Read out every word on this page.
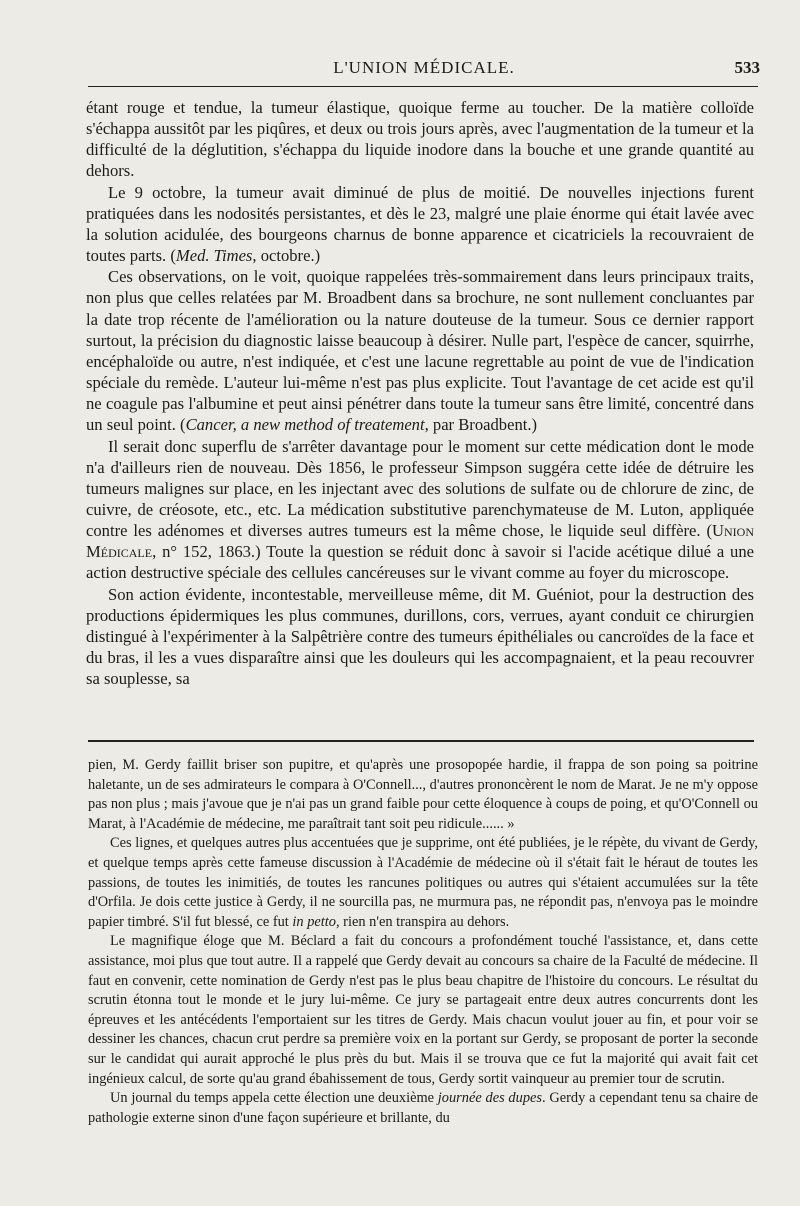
L'UNION MÉDICALE.	533

étant rouge et tendue, la tumeur élastique, quoique ferme au toucher. De la matière colloïde s'échappa aussitôt par les piqûres, et deux ou trois jours après, avec l'augmentation de la tumeur et la difficulté de la déglutition, s'échappa du liquide inodore dans la bouche et une grande quantité au dehors.

Le 9 octobre, la tumeur avait diminué de plus de moitié. De nouvelles injections furent pratiquées dans les nodosités persistantes, et dès le 23, malgré une plaie énorme qui était lavée avec la solution acidulée, des bourgeons charnus de bonne apparence et cicatriciels la recouvraient de toutes parts. (Med. Times, octobre.)

Ces observations, on le voit, quoique rappelées très-sommairement dans leurs principaux traits, non plus que celles relatées par M. Broadbent dans sa brochure, ne sont nullement concluantes par la date trop récente de l'amélioration ou la nature douteuse de la tumeur. Sous ce dernier rapport surtout, la précision du diagnostic laisse beaucoup à désirer. Nulle part, l'espèce de cancer, squirrhe, encéphaloïde ou autre, n'est indiquée, et c'est une lacune regrettable au point de vue de l'indication spéciale du remède. L'auteur lui-même n'est pas plus explicite. Tout l'avantage de cet acide est qu'il ne coagule pas l'albumine et peut ainsi pénétrer dans toute la tumeur sans être limité, concentré dans un seul point. (Cancer, a new method of treatement, par Broadbent.)

Il serait donc superflu de s'arrêter davantage pour le moment sur cette médication dont le mode n'a d'ailleurs rien de nouveau. Dès 1856, le professeur Simpson suggéra cette idée de détruire les tumeurs malignes sur place, en les injectant avec des solutions de sulfate ou de chlorure de zinc, de cuivre, de créosote, etc., etc. La médication substitutive parenchymateuse de M. Luton, appliquée contre les adénomes et diverses autres tumeurs est la même chose, le liquide seul diffère. (Union Médicale, n° 152, 1863.) Toute la question se réduit donc à savoir si l'acide acétique dilué a une action destructive spéciale des cellules cancéreuses sur le vivant comme au foyer du microscope.

Son action évidente, incontestable, merveilleuse même, dit M. Guéniot, pour la destruction des productions épidermiques les plus communes, durillons, cors, verrues, ayant conduit ce chirurgien distingué à l'expérimenter à la Salpêtrière contre des tumeurs épithéliales ou cancroïdes de la face et du bras, il les a vues disparaître ainsi que les douleurs qui les accompagnaient, et la peau recouvrer sa souplesse, sa

pien, M. Gerdy faillit briser son pupitre, et qu'après une prosopopée hardie, il frappa de son poing sa poitrine haletante, un de ses admirateurs le compara à O'Connell..., d'autres prononcèrent le nom de Marat. Je ne m'y oppose pas non plus ; mais j'avoue que je n'ai pas un grand faible pour cette éloquence à coups de poing, et qu'O'Connell ou Marat, à l'Académie de médecine, me paraîtrait tant soit peu ridicule...... »

Ces lignes, et quelques autres plus accentuées que je supprime, ont été publiées, je le répète, du vivant de Gerdy, et quelque temps après cette fameuse discussion à l'Académie de médecine où il s'était fait le héraut de toutes les passions, de toutes les inimitiés, de toutes les rancunes politiques ou autres qui s'étaient accumulées sur la tête d'Orfila. Je dois cette justice à Gerdy, il ne sourcilla pas, ne murmura pas, ne répondit pas, n'envoya pas le moindre papier timbré. S'il fut blessé, ce fut in petto, rien n'en transpira au dehors.

Le magnifique éloge que M. Béclard a fait du concours a profondément touché l'assistance, et, dans cette assistance, moi plus que tout autre. Il a rappelé que Gerdy devait au concours sa chaire de la Faculté de médecine. Il faut en convenir, cette nomination de Gerdy n'est pas le plus beau chapitre de l'histoire du concours. Le résultat du scrutin étonna tout le monde et le jury lui-même. Ce jury se partageait entre deux autres concurrents dont les épreuves et les antécédents l'emportaient sur les titres de Gerdy. Mais chacun voulut jouer au fin, et pour voir se dessiner les chances, chacun crut perdre sa première voix en la portant sur Gerdy, se proposant de porter la seconde sur le candidat qui aurait approché le plus près du but. Mais il se trouva que ce fut la majorité qui avait fait cet ingénieux calcul, de sorte qu'au grand ébahissement de tous, Gerdy sortit vainqueur au premier tour de scrutin.

Un journal du temps appela cette élection une deuxième journée des dupes. Gerdy a cependant tenu sa chaire de pathologie externe sinon d'une façon supérieure et brillante, du
